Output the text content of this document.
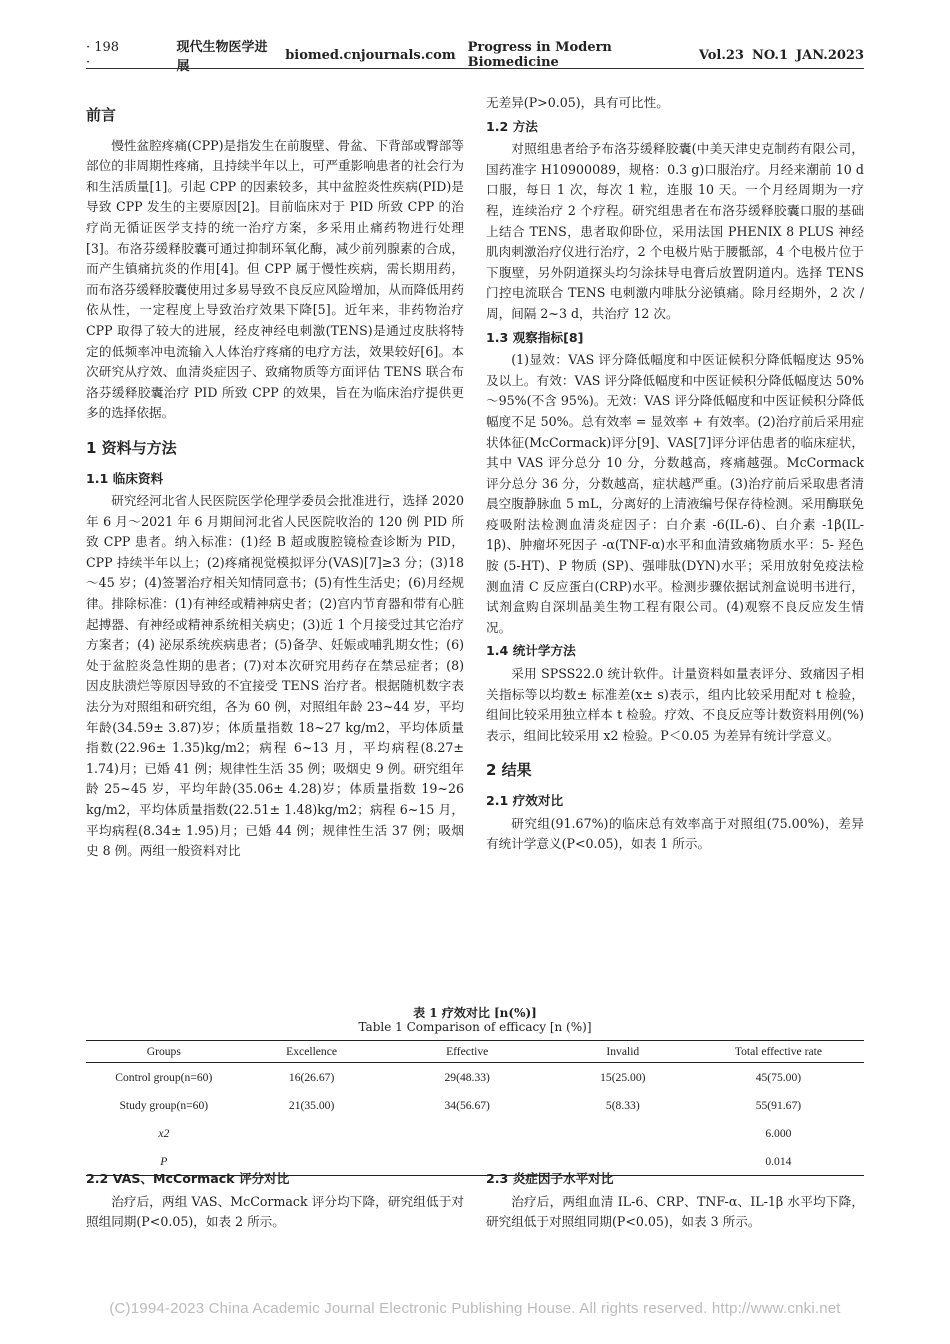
· 198 ·
现代生物医学进展
biomed.cnjournals.com Progress in Modern Biomedicine	Vol.23 NO.1 JAN.2023
前言

慢性盆腔疼痛(CPP)是指发生在前腹壁、骨盆、下背部或臀部等部位的非周期性疼痛，且持续半年以上，可严重影响患者的社会行为和生活质量[1]。引起 CPP 的因素较多，其中盆腔炎性疾病(PID)是导致 CPP 发生的主要原因[2]。目前临床对于 PID 所致 CPP 的治疗尚无循证医学支持的统一治疗方案，多采用止痛药物进行处理[3]。布洛芬缓释胶囊可通过抑制环氧化酶，减少前列腺素的合成，而产生镇痛抗炎的作用[4]。但 CPP 属于慢性疾病，需长期用药，而布洛芬缓释胶囊使用过多易导致不良反应风险增加，从而降低用药依从性，一定程度上导致治疗效果下降[5]。近年来，非药物治疗 CPP 取得了较大的进展，经皮神经电刺激(TENS)是通过皮肤将特定的低频率冲电流输入人体治疗疼痛的电疗方法，效果较好[6]。本次研究从疗效、血清炎症因子、致痛物质等方面评估 TENS 联合布洛芬缓释胶囊治疗 PID 所致 CPP 的效果，旨在为临床治疗提供更多的选择依据。

1 资料与方法
1.1 临床资料

研究经河北省人民医院医学伦理学委员会批准进行，选择 2020 年 6 月～2021 年 6 月期间河北省人民医院收治的 120 例 PID 所致 CPP 患者。纳入标准：(1)经 B 超或腹腔镜检查诊断为 PID，CPP 持续半年以上；(2)疼痛视觉模拟评分(VAS)[7]≥3 分；(3)18～45 岁；(4)签署治疗相关知情同意书；(5)有性生活史；(6)月经规律。排除标准：(1)有神经或精神病史者；(2)宫内节育器和带有心脏起搏器、有神经或精神系统相关病史；(3)近 1 个月接受过其它治疗方案者；(4) 泌尿系统疾病患者；(5)备孕、妊娠或哺乳期女性；(6)处于盆腔炎急性期的患者；(7)对本次研究用药存在禁忌症者；(8) 因皮肤溃烂等原因导致的不宜接受 TENS 治疗者。根据随机数字表法分为对照组和研究组，各为 60 例，对照组年龄 23~44 岁，平均年龄(34.59± 3.87)岁；体质量指数 18~27 kg/m2，平均体质量指数(22.96± 1.35)kg/m2；病程 6~13 月，平均病程(8.27± 1.74)月；已婚 41 例；规律性生活 35 例；吸烟史 9 例。研究组年龄 25~45 岁，平均年龄(35.06± 4.28)岁；体质量指数 19~26 kg/m2，平均体质量指数(22.51± 1.48)kg/m2；病程 6~15 月，平均病程(8.34± 1.95)月；已婚 44 例；规律性生活 37 例；吸烟史 8 例。两组一般资料对比

无差异(P>0.05)，具有可比性。

1.2 方法

对照组患者给予布洛芬缓释胶囊(中美天津史克制药有限公司，国药准字 H10900089，规格：0.3 g)口服治疗。月经来潮前 10 d 口服，每日 1 次，每次 1 粒，连服 10 天。一个月经周期为一疗程，连续治疗 2 个疗程。研究组患者在布洛芬缓释胶囊口服的基础上结合 TENS，患者取仰卧位，采用法国 PHENIX 8 PLUS 神经肌肉刺激治疗仪进行治疗，2 个电极片贴于腰骶部，4 个电极片位于下腹壁，另外阴道探头均匀涂抹导电膏后放置阴道内。选择 TENS 门控电流联合 TENS 电刺激内啡肽分泌镇痛。除月经期外，2 次 / 周，间隔 2~3 d，共治疗 12 次。

1.3 观察指标[8]

(1)显效：VAS 评分降低幅度和中医证候积分降低幅度达 95%及以上。有效：VAS 评分降低幅度和中医证候积分降低幅度达 50%～95%(不含 95%)。无效：VAS 评分降低幅度和中医证候积分降低幅度不足 50%。总有效率 = 显效率 + 有效率。(2)治疗前后采用症状体征(McCormack)评分[9]、VAS[7]评分评估患者的临床症状，其中 VAS 评分总分 10 分，分数越高，疼痛越强。McCormack 评分总分 36 分，分数越高，症状越严重。(3)治疗前后采取患者清晨空腹静脉血 5 mL，分离好的上清液编号保存待检测。采用酶联免疫吸附法检测血清炎症因子：白介素 -6(IL-6)、白介素 -1β(IL-1β)、肿瘤坏死因子 -α(TNF-α)水平和血清致痛物质水平：5- 羟色胺 (5-HT)、P 物质 (SP)、强啡肽(DYN)水平；采用放射免疫法检测血清 C 反应蛋白(CRP)水平。检测步骤依据试剂盒说明书进行，试剂盒购自深圳晶美生物工程有限公司。(4)观察不良反应发生情况。

1.4 统计学方法

采用 SPSS22.0 统计软件。计量资料如量表评分、致痛因子相关指标等以均数± 标准差(x± s)表示，组内比较采用配对 t 检验，组间比较采用独立样本 t 检验。疗效、不良反应等计数资料用例(%)表示，组间比较采用 x2 检验。P＜0.05 为差异有统计学意义。

2 结果
2.1 疗效对比

研究组(91.67%)的临床总有效率高于对照组(75.00%)，差异有统计学意义(P<0.05)，如表 1 所示。

表 1 疗效对比 [n(%)]
Table 1 Comparison of efficacy [n (%)]
Groups	Excellence	Effective	Invalid	Total effective rate
Control group(n=60)	16(26.67)	29(48.33)	15(25.00)	45(75.00)
Study group(n=60)	21(35.00)	34(56.67)	5(8.33)	55(91.67)
x2				6.000
P				0.014
2.2 VAS、McCormack 评分对比

治疗后，两组 VAS、McCormack 评分均下降，研究组低于对照组同期(P<0.05)，如表 2 所示。

2.3 炎症因子水平对比

治疗后，两组血清 IL-6、CRP、TNF-α、IL-1β 水平均下降，研究组低于对照组同期(P<0.05)，如表 3 所示。

(C)1994-2023 China Academic Journal Electronic Publishing House. All rights reserved. http://www.cnki.net
